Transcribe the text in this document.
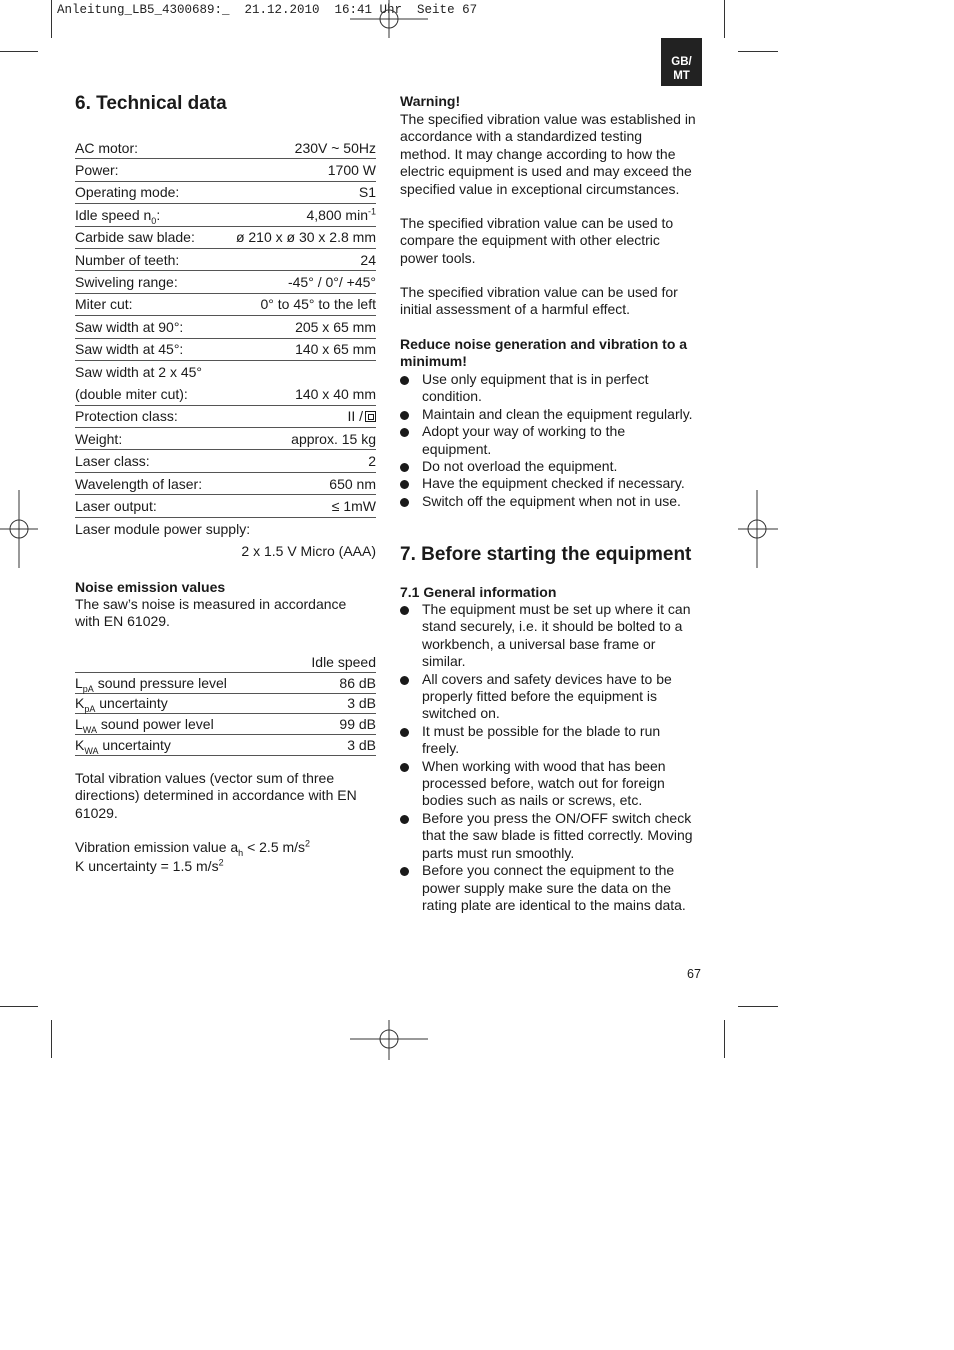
Anleitung_LB5_4300689:_  21.12.2010  16:41 Uhr  Seite 67
GB/
MT
6. Technical data
AC motor:	230V ~ 50Hz
Power:	1700 W
Operating mode:	S1
Idle speed $n_0$:	4,800 $\min^{-1}$
Carbide saw blade:	ø 210 x ø 30 x 2.8 mm
Number of teeth:	24
Swiveling range:	-45° / 0°/ +45°
Miter cut:	0° to 45° to the left
Saw width at 90°:	205 x 65 mm
Saw width at 45°:	140 x 65 mm
Saw width at 2 x 45°
(double miter cut):	140 x 40 mm
Protection class:	II /
Weight:	approx. 15 kg
Laser class:	2
Wavelength of laser:	650 nm
Laser output:	≤ 1mW
Laser module power supply:
2 x 1.5 V Micro (AAA)
Noise emission values
The saw’s noise is measured in accordance
with EN 61029.
Idle speed
$L_{pA}$ sound pressure level	86 dB
$K_{pA}$ uncertainty	3 dB
$L_{WA}$ sound power level	99 dB
$K_{WA}$ uncertainty	3 dB
Total vibration values (vector sum of three
directions) determined in accordance with EN
61029.
Vibration emission value $a_h < 2.5$ $m/s^2$
K uncertainty = 1.5 $m/s^2$
Warning!
The specified vibration value was established in
accordance with a standardized testing
method. It may change according to how the
electric equipment is used and may exceed the
specified value in exceptional circumstances.
The specified vibration value can be used to
compare the equipment with other electric
power tools.
The specified vibration value can be used for
initial assessment of a harmful effect.
Reduce noise generation and vibration to a
minimum!
Use only equipment that is in perfect
condition.
Maintain and clean the equipment regularly.
Adopt your way of working to the
equipment.
Do not overload the equipment.
Have the equipment checked if necessary.
Switch off the equipment when not in use.
7. Before starting the equipment
7.1 General information
The equipment must be set up where it can
stand securely, i.e. it should be bolted to a
workbench, a universal base frame or
similar.
All covers and safety devices have to be
properly fitted before the equipment is
switched on.
It must be possible for the blade to run
freely.
When working with wood that has been
processed before, watch out for foreign
bodies such as nails or screws, etc.
Before you press the ON/OFF switch check
that the saw blade is fitted correctly. Moving
parts must run smoothly.
Before you connect the equipment to the
power supply make sure the data on the
rating plate are identical to the mains data.
67
